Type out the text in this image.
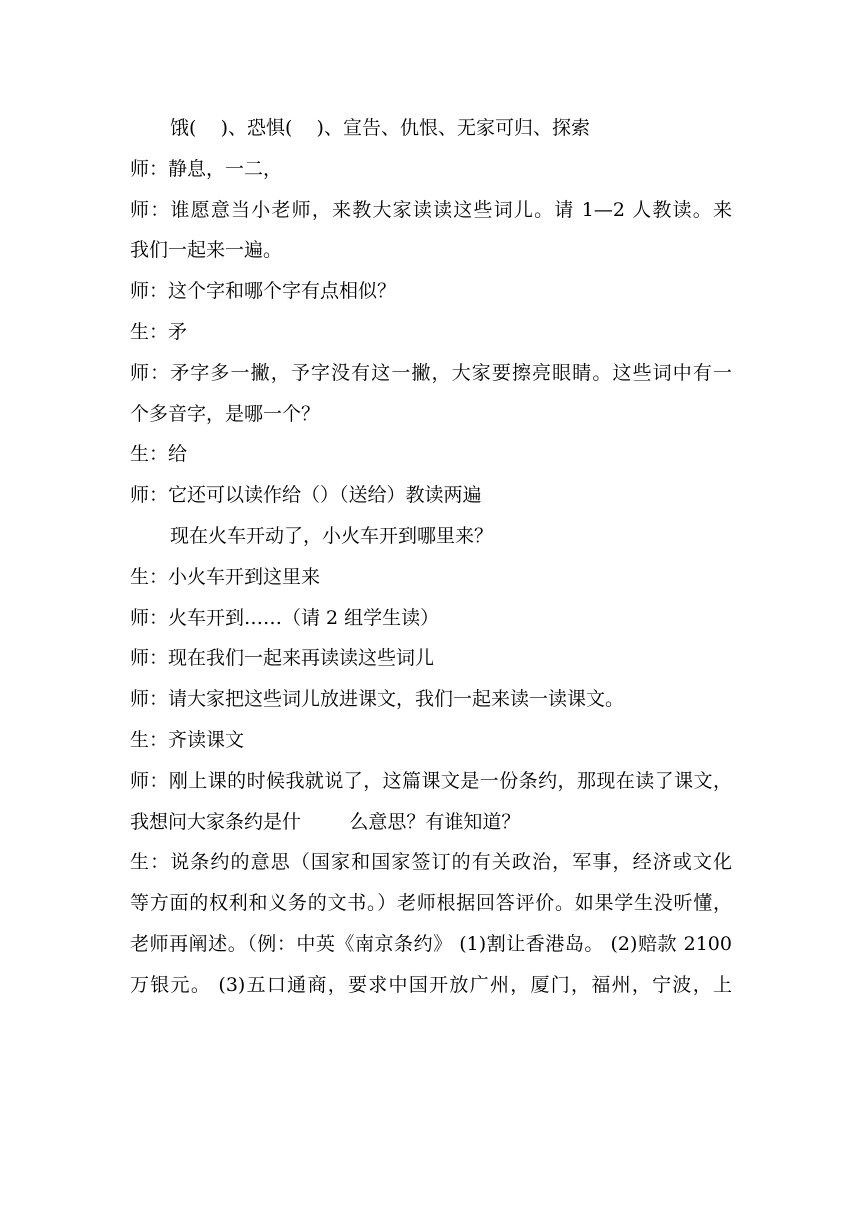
饿(    )、恐惧(    )、宣告、仇恨、无家可归、探索
师：静息，一二，
师：谁愿意当小老师，来教大家读读这些词儿。请 1—2 人教读。来
我们一起来一遍。
师：这个字和哪个字有点相似？
生：矛
师：矛字多一撇，予字没有这一撇，大家要擦亮眼睛。这些词中有一
个多音字，是哪一个？
生：给
师：它还可以读作给（）（送给）教读两遍
现在火车开动了，小火车开到哪里来？
生：小火车开到这里来
师：火车开到……（请 2 组学生读）
师：现在我们一起来再读读这些词儿
师：请大家把这些词儿放进课文，我们一起来读一读课文。
生：齐读课文
师：刚上课的时候我就说了，这篇课文是一份条约，那现在读了课文，
我想问大家条约是什        么意思？有谁知道？
生：说条约的意思（国家和国家签订的有关政治，军事，经济或文化
等方面的权利和义务的文书。）老师根据回答评价。如果学生没听懂，
老师再阐述。（例：中英《南京条约》 (1)割让香港岛。 (2)赔款 2100
万银元。 (3)五口通商，要求中国开放广州，厦门，福州，宁波，上
